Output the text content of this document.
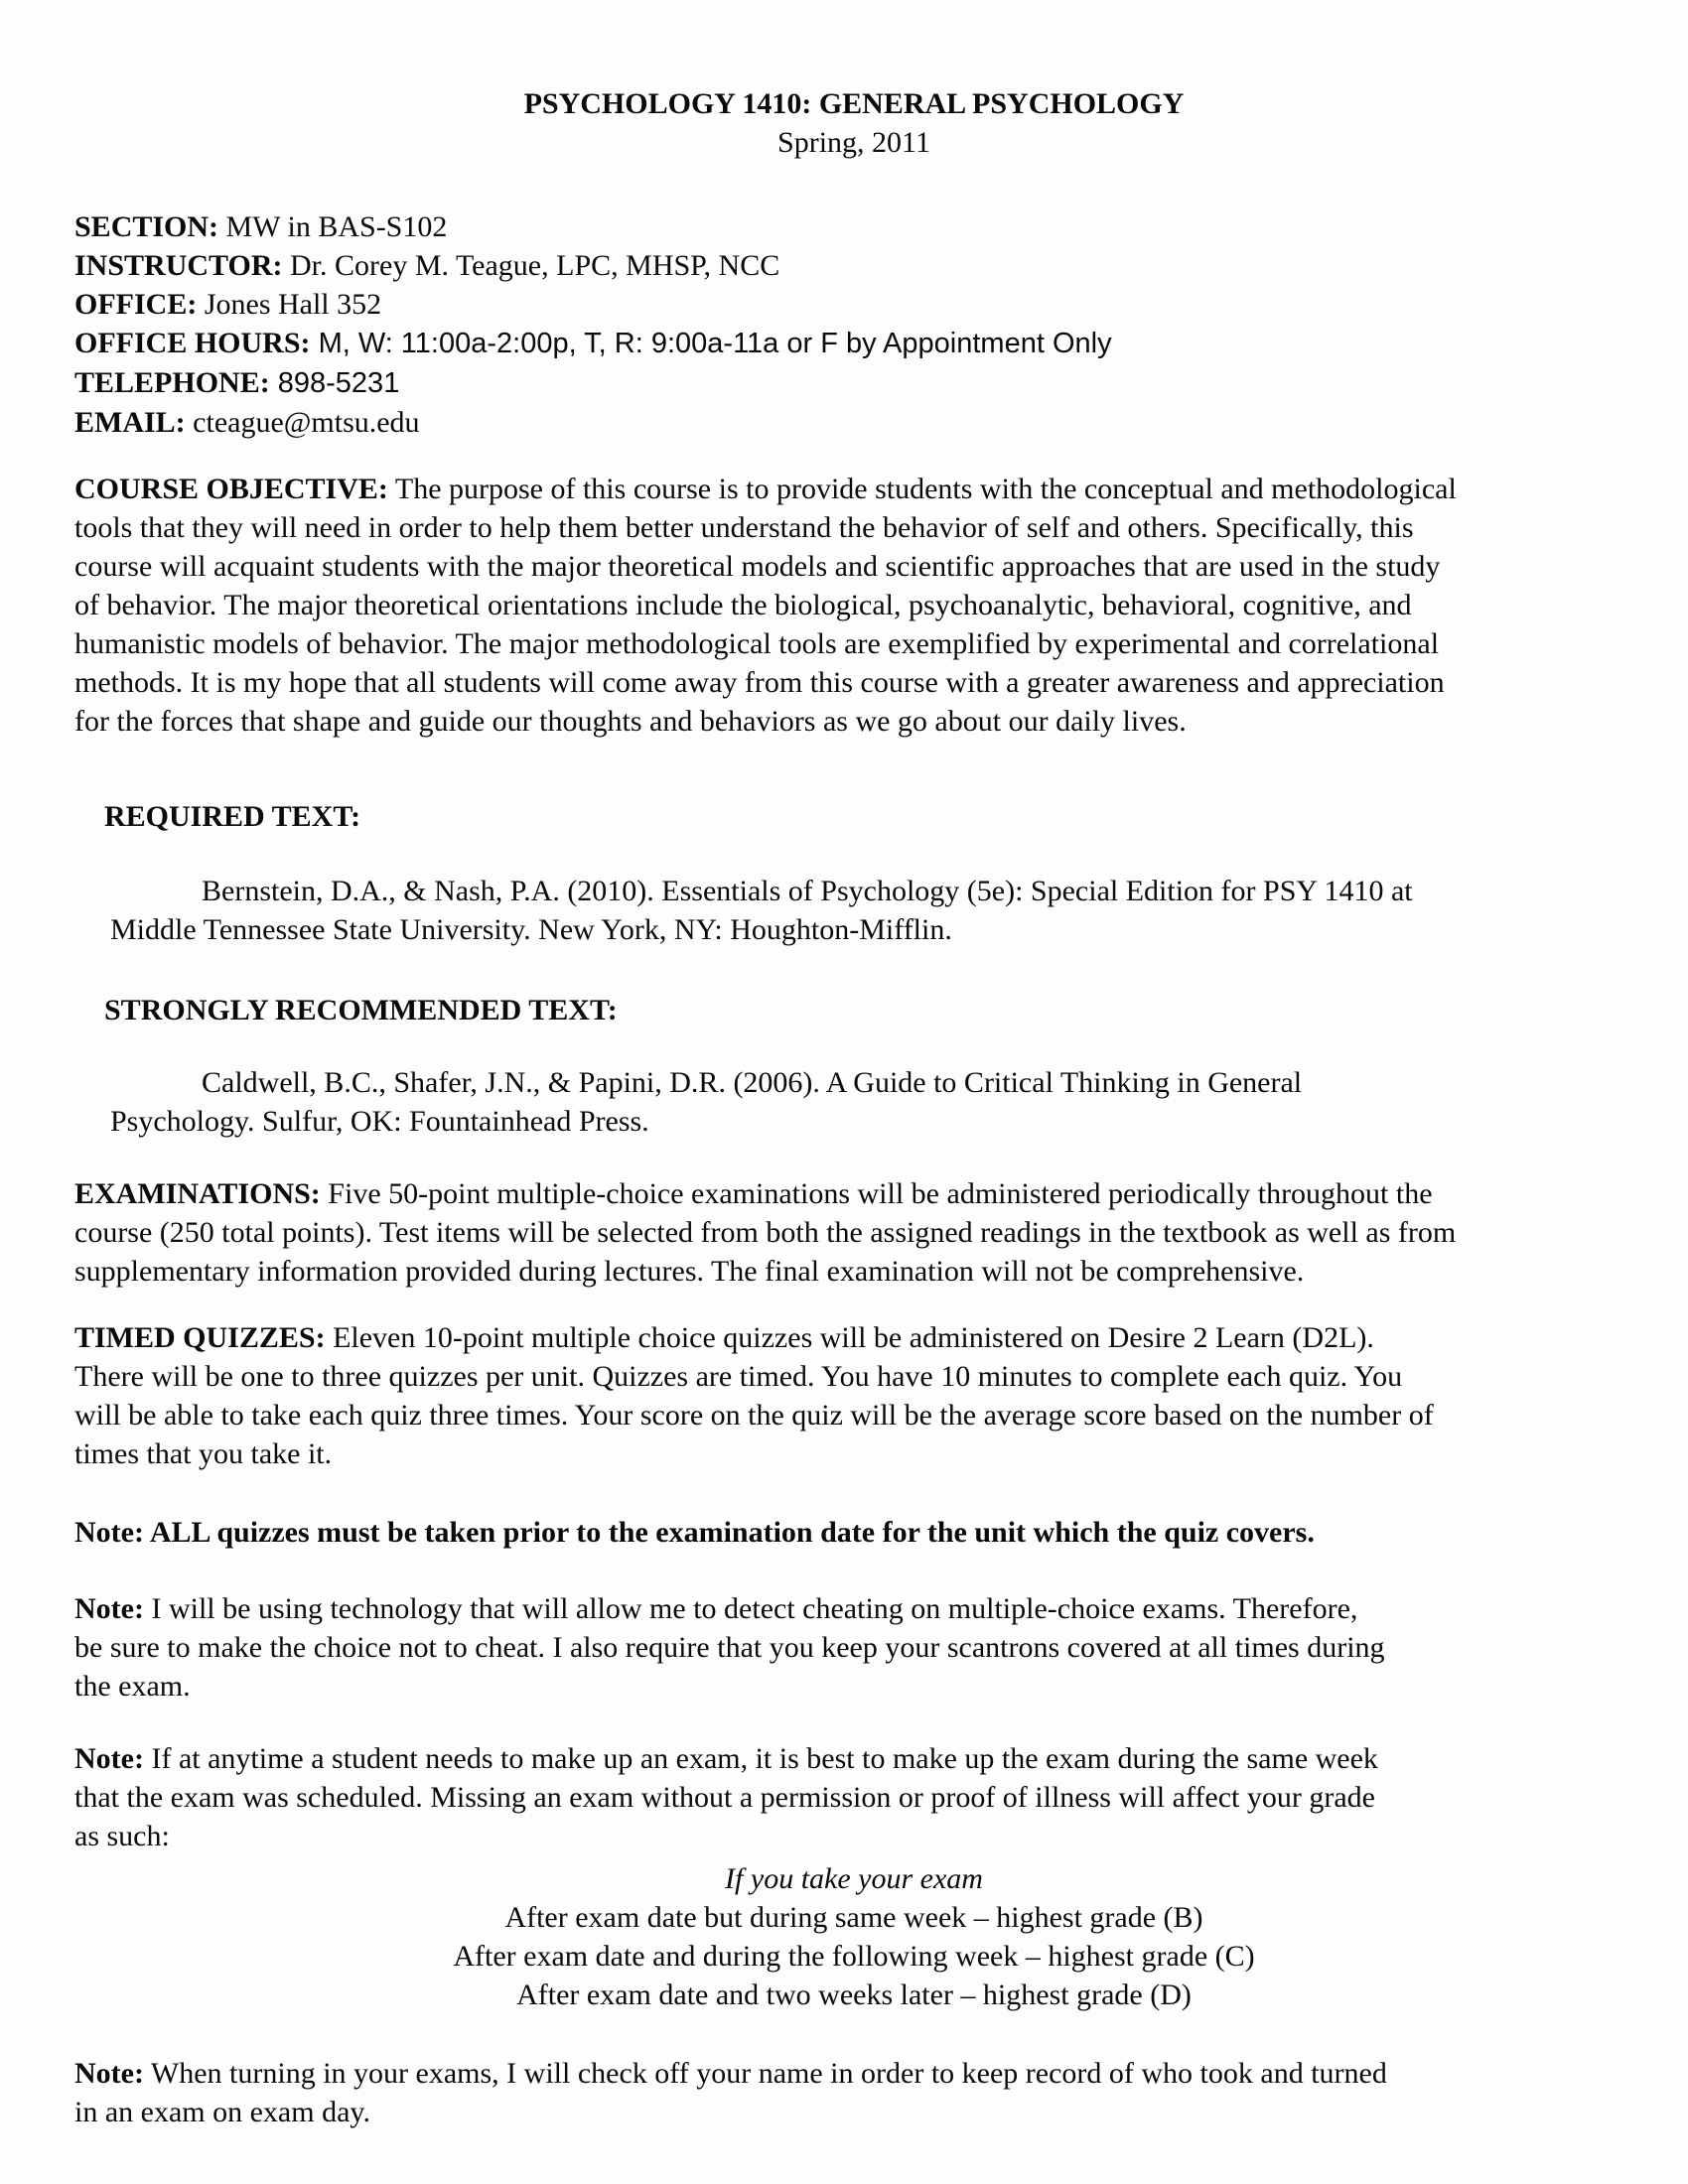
PSYCHOLOGY 1410: GENERAL PSYCHOLOGY
Spring, 2011
SECTION: MW in BAS-S102
INSTRUCTOR: Dr. Corey M. Teague, LPC, MHSP, NCC
OFFICE: Jones Hall 352
OFFICE HOURS: M, W: 11:00a-2:00p, T, R: 9:00a-11a or F by Appointment Only
TELEPHONE: 898-5231
EMAIL: cteague@mtsu.edu
COURSE OBJECTIVE: The purpose of this course is to provide students with the conceptual and methodological
tools that they will need in order to help them better understand the behavior of self and others. Specifically, this
course will acquaint students with the major theoretical models and scientific approaches that are used in the study
of behavior. The major theoretical orientations include the biological, psychoanalytic, behavioral, cognitive, and
humanistic models of behavior. The major methodological tools are exemplified by experimental and correlational
methods. It is my hope that all students will come away from this course with a greater awareness and appreciation
for the forces that shape and guide our thoughts and behaviors as we go about our daily lives.
REQUIRED TEXT:
Bernstein, D.A., & Nash, P.A. (2010). Essentials of Psychology (5e): Special Edition for PSY 1410 at
Middle Tennessee State University. New York, NY: Houghton-Mifflin.
STRONGLY RECOMMENDED TEXT:
Caldwell, B.C., Shafer, J.N., & Papini, D.R. (2006). A Guide to Critical Thinking in General
Psychology. Sulfur, OK: Fountainhead Press.
EXAMINATIONS: Five 50-point multiple-choice examinations will be administered periodically throughout the
course (250 total points). Test items will be selected from both the assigned readings in the textbook as well as from
supplementary information provided during lectures. The final examination will not be comprehensive.
TIMED QUIZZES: Eleven 10-point multiple choice quizzes will be administered on Desire 2 Learn (D2L).
There will be one to three quizzes per unit. Quizzes are timed. You have 10 minutes to complete each quiz. You
will be able to take each quiz three times. Your score on the quiz will be the average score based on the number of
times that you take it.
Note: ALL quizzes must be taken prior to the examination date for the unit which the quiz covers.
Note: I will be using technology that will allow me to detect cheating on multiple-choice exams. Therefore,
be sure to make the choice not to cheat. I also require that you keep your scantrons covered at all times during
the exam.
Note: If at anytime a student needs to make up an exam, it is best to make up the exam during the same week
that the exam was scheduled. Missing an exam without a permission or proof of illness will affect your grade
as such:
If you take your exam
After exam date but during same week – highest grade (B)
After exam date and during the following week – highest grade (C)
After exam date and two weeks later – highest grade (D)
Note: When turning in your exams, I will check off your name in order to keep record of who took and turned
in an exam on exam day.
